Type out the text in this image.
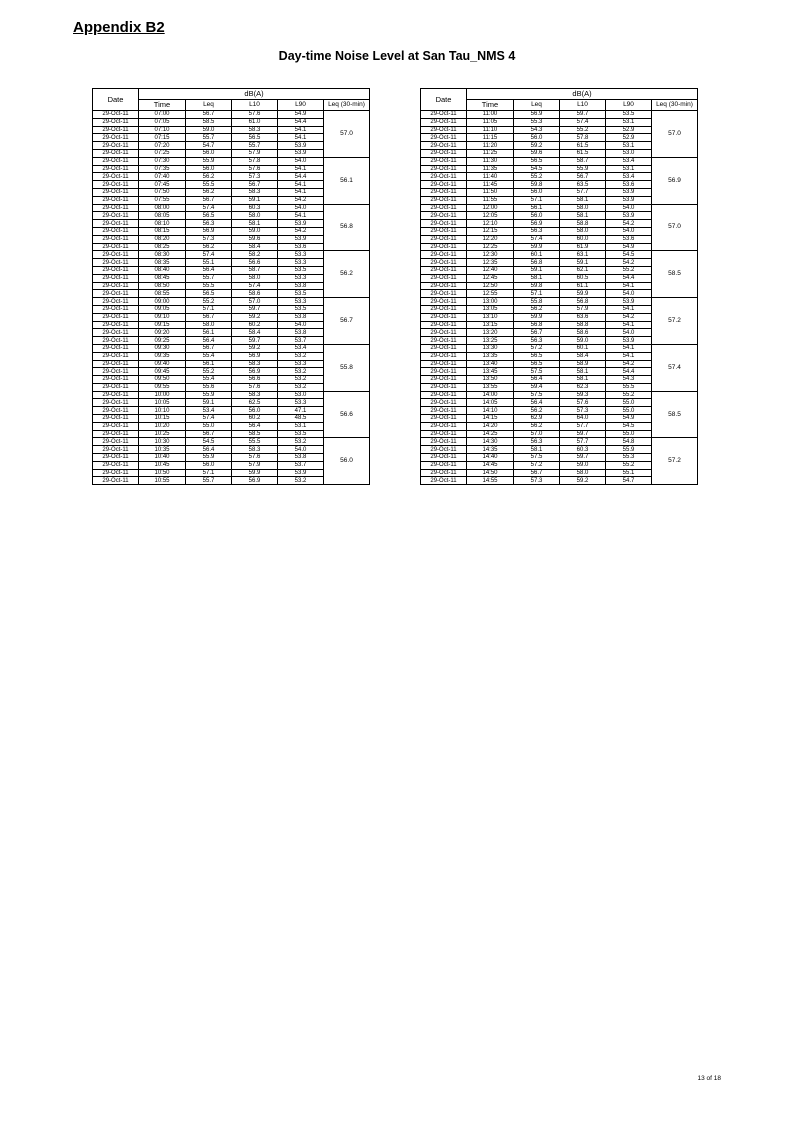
Appendix B2
Day-time Noise Level at San Tau_NMS 4
Date	dB(A)				
	Time	Leq	L10	L90	Leq (30-min)
29-Oct-11	07:00	56.7	57.6	54.9	57.0
29-Oct-11	07:05	58.5	61.0	54.4	
29-Oct-11	07:10	59.0	58.3	54.1	
29-Oct-11	07:15	55.7	56.5	54.1	
29-Oct-11	07:20	54.7	55.7	53.9	
29-Oct-11	07:25	56.0	57.9	53.9	
29-Oct-11	07:30	55.9	57.8	54.0	56.1
29-Oct-11	07:35	56.0	57.6	54.1	
29-Oct-11	07:40	56.2	57.3	54.4	
29-Oct-11	07:45	55.5	56.7	54.1	
29-Oct-11	07:50	56.2	58.3	54.1	
29-Oct-11	07:55	56.7	59.1	54.2	
29-Oct-11	08:00	57.4	60.3	54.0	56.8
29-Oct-11	08:05	56.5	58.0	54.1	
29-Oct-11	08:10	56.3	58.1	53.9	
29-Oct-11	08:15	56.9	59.0	54.2	
29-Oct-11	08:20	57.3	59.6	53.9	
29-Oct-11	08:25	56.2	58.4	53.6	
29-Oct-11	08:30	57.4	58.2	53.3	56.2
29-Oct-11	08:35	55.1	56.6	53.3	
29-Oct-11	08:40	56.4	58.7	53.5	
29-Oct-11	08:45	55.7	58.0	53.3	
29-Oct-11	08:50	55.5	57.4	53.8	
29-Oct-11	08:55	56.5	58.6	53.5	
29-Oct-11	09:00	55.2	57.0	53.3	56.7
29-Oct-11	09:05	57.1	59.7	53.5	
29-Oct-11	09:10	56.7	59.2	53.8	
29-Oct-11	09:15	58.0	60.2	54.0	
29-Oct-11	09:20	56.1	58.4	53.8	
29-Oct-11	09:25	56.4	59.7	53.7	
29-Oct-11	09:30	56.7	59.2	53.4	55.8
29-Oct-11	09:35	55.4	56.9	53.2	
29-Oct-11	09:40	56.1	58.3	53.3	
29-Oct-11	09:45	55.2	56.9	53.2	
29-Oct-11	09:50	55.4	56.6	53.2	
29-Oct-11	09:55	55.6	57.6	53.2	
29-Oct-11	10:00	55.9	58.3	53.0	56.6
29-Oct-11	10:05	59.1	62.5	53.3	
29-Oct-11	10:10	53.4	56.0	47.1	
29-Oct-11	10:15	57.4	60.2	48.5	
29-Oct-11	10:20	55.0	56.4	53.1	
29-Oct-11	10:25	56.7	58.5	53.5	
29-Oct-11	10:30	54.5	55.5	53.2	56.0
29-Oct-11	10:35	56.4	58.3	54.0	
29-Oct-11	10:40	55.9	57.6	53.8	
29-Oct-11	10:45	56.0	57.9	53.7	
29-Oct-11	10:50	57.1	59.9	53.9	
29-Oct-11	10:55	55.7	56.9	53.2	
Date	dB(A)				
	Time	Leq	L10	L90	Leq (30-min)
29-Oct-11	11:00	56.9	59.7	53.5	57.0
29-Oct-11	11:05	55.3	57.4	53.1	
29-Oct-11	11:10	54.3	55.2	52.9	
29-Oct-11	11:15	56.0	57.8	52.9	
29-Oct-11	11:20	59.2	61.5	53.1	
29-Oct-11	11:25	59.6	61.5	53.0	
29-Oct-11	11:30	56.5	58.7	53.4	56.9
29-Oct-11	11:35	54.5	55.9	53.1	
29-Oct-11	11:40	55.2	56.7	53.4	
29-Oct-11	11:45	59.8	63.5	53.6	
29-Oct-11	11:50	56.0	57.7	53.9	
29-Oct-11	11:55	57.1	58.1	53.9	
29-Oct-11	12:00	56.1	58.0	54.0	57.0
29-Oct-11	12:05	56.0	58.1	53.9	
29-Oct-11	12:10	56.9	58.8	54.2	
29-Oct-11	12:15	56.3	58.0	54.0	
29-Oct-11	12:20	57.4	60.0	53.6	
29-Oct-11	12:25	59.9	61.9	54.9	
29-Oct-11	12:30	60.1	63.1	54.5	58.5
29-Oct-11	12:35	56.8	59.1	54.2	
29-Oct-11	12:40	59.1	62.1	55.2	
29-Oct-11	12:45	58.1	60.5	54.4	
29-Oct-11	12:50	59.8	61.1	54.1	
29-Oct-11	12:55	57.1	59.9	54.0	
29-Oct-11	13:00	55.8	56.8	53.9	57.2
29-Oct-11	13:05	56.2	57.9	54.1	
29-Oct-11	13:10	59.9	63.6	54.2	
29-Oct-11	13:15	56.8	58.8	54.1	
29-Oct-11	13:20	56.7	58.6	54.0	
29-Oct-11	13:25	56.3	59.0	53.9	
29-Oct-11	13:30	57.2	60.1	54.1	57.4
29-Oct-11	13:35	56.5	58.4	54.1	
29-Oct-11	13:40	56.5	58.9	54.2	
29-Oct-11	13:45	57.5	58.1	54.4	
29-Oct-11	13:50	56.4	58.1	54.3	
29-Oct-11	13:55	59.4	62.3	55.5	
29-Oct-11	14:00	57.5	59.3	55.2	58.5
29-Oct-11	14:05	56.4	57.6	55.0	
29-Oct-11	14:10	56.2	57.3	55.0	
29-Oct-11	14:15	62.9	64.0	54.9	
29-Oct-11	14:20	56.2	57.7	54.5	
29-Oct-11	14:25	57.0	59.7	55.0	
29-Oct-11	14:30	56.3	57.7	54.8	57.2
29-Oct-11	14:35	58.1	60.3	55.9	
29-Oct-11	14:40	57.5	59.7	55.3	
29-Oct-11	14:45	57.2	59.0	55.2	
29-Oct-11	14:50	56.7	58.0	55.1	
29-Oct-11	14:55	57.3	59.2	54.7	
13 of 18
